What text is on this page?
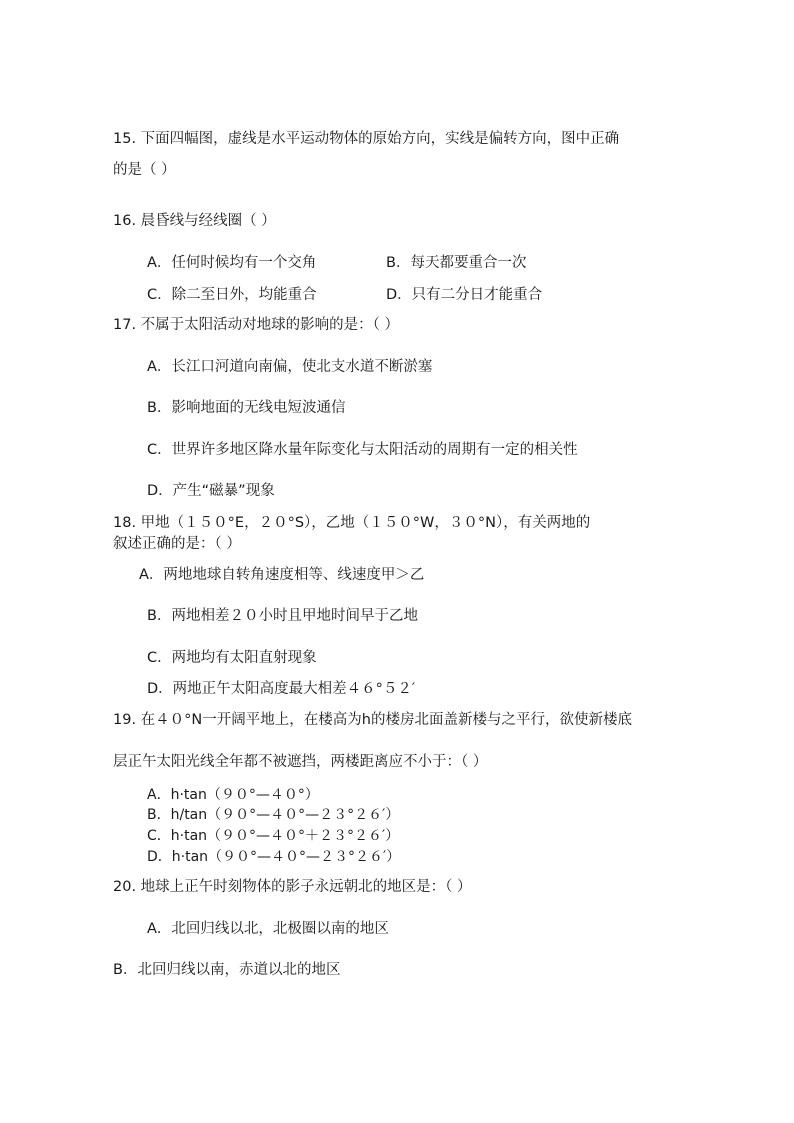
15. 下面四幅图，虚线是水平运动物体的原始方向，实线是偏转方向，图中正确
的是（ ）
16. 晨昏线与经线圈（ ）
A．任何时候均有一个交角	B．每天都要重合一次
C．除二至日外，均能重合	D．只有二分日才能重合
17. 不属于太阳活动对地球的影响的是：（ ）
A．长江口河道向南偏，使北支水道不断淤塞
B．影响地面的无线电短波通信
C．世界许多地区降水量年际变化与太阳活动的周期有一定的相关性
D．产生“磁暴”现象
18. 甲地（１５０°E，２０°S），乙地（１５０°W，３０°N），有关两地的
叙述正确的是：（ ）
A．两地地球自转角速度相等、线速度甲＞乙
B．两地相差２０小时且甲地时间早于乙地
C．两地均有太阳直射现象
D．两地正午太阳高度最大相差４６°５２′
19. 在４０°N一开阔平地上，在楼高为h的楼房北面盖新楼与之平行，欲使新楼底
层正午太阳光线全年都不被遮挡，两楼距离应不小于：（ ）
A．h·tan（９０°—４０°）
B．h/tan（９０°—４０°—２３°２６′）
C．h·tan（９０°—４０°＋２３°２６′）
D．h·tan（９０°—４０°—２３°２６′）
20. 地球上正午时刻物体的影子永远朝北的地区是：（ ）
A．北回归线以北，北极圈以南的地区
B．北回归线以南，赤道以北的地区
